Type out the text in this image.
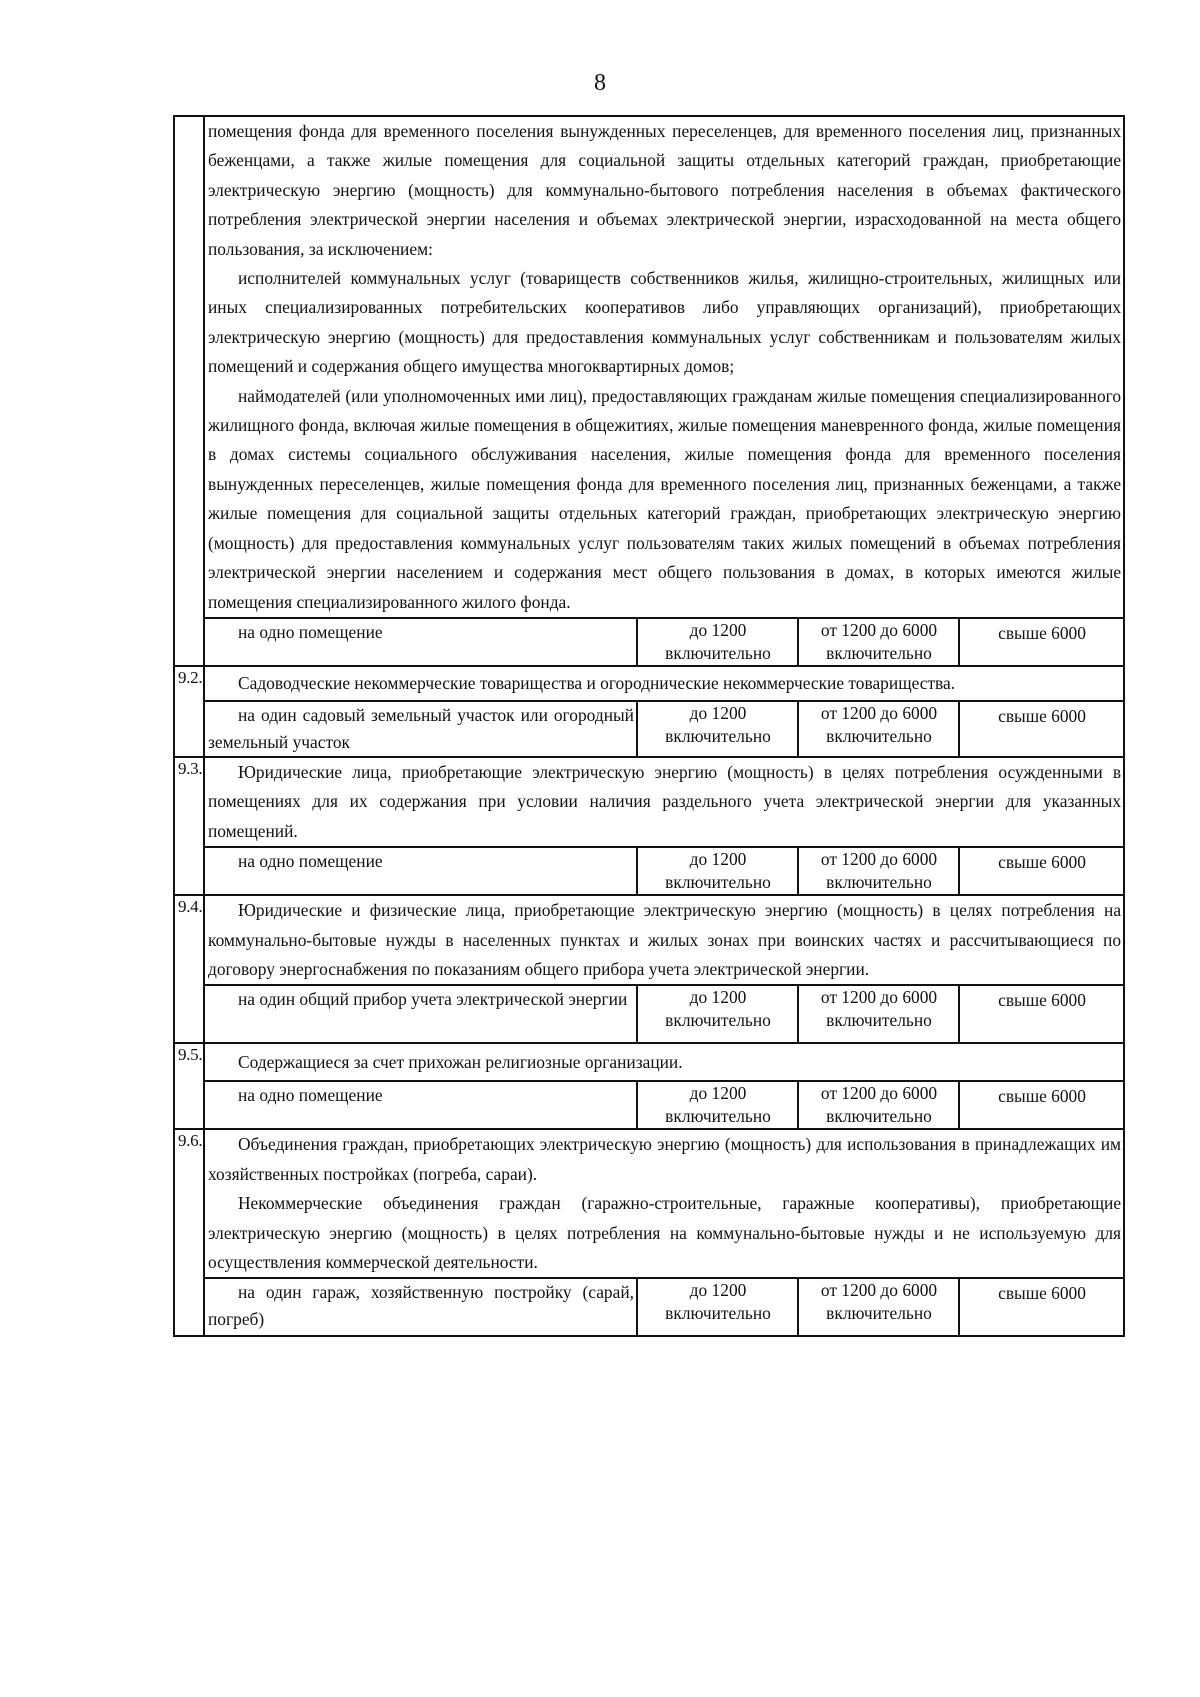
8

	помещения фонда для временного поселения вынужденных переселенцев, для временного поселения лиц, признанных беженцами, а также жилые помещения для социальной защиты отдельных категорий граждан, приобретающие электрическую энергию (мощность) для коммунально-бытового потребления населения в объемах фактического потребления электрической энергии населения и объемах электрической энергии, израсходованной на места общего пользования, за исключением:

исполнителей коммунальных услуг (товариществ собственников жилья, жилищно-строительных, жилищных или иных специализированных потребительских кооперативов либо управляющих организаций), приобретающих электрическую энергию (мощность) для предоставления коммунальных услуг собственникам и пользователям жилых помещений и содержания общего имущества многоквартирных домов;

наймодателей (или уполномоченных ими лиц), предоставляющих гражданам жилые помещения специализированного жилищного фонда, включая жилые помещения в общежитиях, жилые помещения маневренного фонда, жилые помещения в домах системы социального обслуживания населения, жилые помещения фонда для временного поселения вынужденных переселенцев, жилые помещения фонда для временного поселения лиц, признанных беженцами, а также жилые помещения для социальной защиты отдельных категорий граждан, приобретающих электрическую энергию (мощность) для предоставления коммунальных услуг пользователям таких жилых помещений в объемах потребления электрической энергии населением и содержания мест общего пользования в домах, в которых имеются жилые помещения специализированного жилого фонда.			

	на одно помещение	до 1200 включительно	от 1200 до 6000 включительно	свыше 6000
9.2.	Садоводческие некоммерческие товарищества и огороднические некоммерческие товарищества.			

	на один садовый земельный участок или огородный земельный участок	до 1200 включительно	от 1200 до 6000 включительно	свыше 6000
9.3.	Юридические лица, приобретающие электрическую энергию (мощность) в целях потребления осужденными в помещениях для их содержания при условии наличия раздельного учета электрической энергии для указанных помещений.			

	на одно помещение	до 1200 включительно	от 1200 до 6000 включительно	свыше 6000
9.4.	Юридические и физические лица, приобретающие электрическую энергию (мощность) в целях потребления на коммунально-бытовые нужды в населенных пунктах и жилых зонах при воинских частях и рассчитывающиеся по договору энергоснабжения по показаниям общего прибора учета электрической энергии.			

	на один общий прибор учета электрической энергии	до 1200 включительно	от 1200 до 6000 включительно	свыше 6000
9.5.	Содержащиеся за счет прихожан религиозные организации.			

	на одно помещение	до 1200 включительно	от 1200 до 6000 включительно	свыше 6000
9.6.	Объединения граждан, приобретающих электрическую энергию (мощность) для использования в принадлежащих им хозяйственных постройках (погреба, сараи).

Некоммерческие объединения граждан (гаражно-строительные, гаражные кооперативы), приобретающие электрическую энергию (мощность) в целях потребления на коммунально-бытовые нужды и не используемую для осуществления коммерческой деятельности.			

	на один гараж, хозяйственную постройку (сарай, погреб)	до 1200 включительно	от 1200 до 6000 включительно	свыше 6000
